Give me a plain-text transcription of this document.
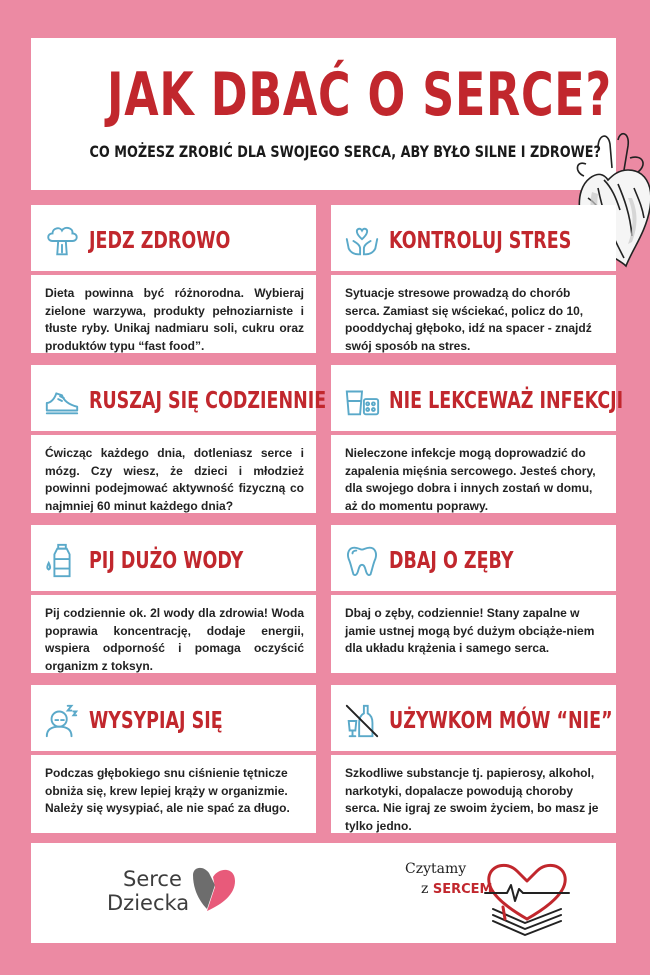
JAK DBAĆ O SERCE?
CO MOŻESZ ZROBIĆ DLA SWOJEGO SERCA, ABY BYŁO SILNE I ZDROWE?
JEDZ ZDROWO
Dieta powinna być różnorodna. Wybieraj zielone warzywa, produkty pełnoziarniste i tłuste ryby. Unikaj nadmiaru soli, cukru oraz produktów typu “fast food”.
KONTROLUJ STRES
Sytuacje stresowe prowadzą do chorób serca. Zamiast się wściekać, policz do 10, pooddychaj głęboko, idź na spacer - znajdź swój sposób na stres.
RUSZAJ SIĘ CODZIENNIE
Ćwicząc każdego dnia, dotleniasz serce i mózg. Czy wiesz, że dzieci i młodzież powinni podejmować aktywność fizyczną co najmniej 60 minut każdego dnia?
NIE LEKCEWAŻ INFEKCJI
Nieleczone infekcje mogą doprowadzić do zapalenia mięśnia sercowego. Jesteś chory, dla swojego dobra i innych zostań w domu, aż do momentu poprawy.
PIJ DUŻO WODY
Pij codziennie ok. 2l wody dla zdrowia! Woda poprawia koncentrację, dodaje energii, wspiera odporność i pomaga oczyścić organizm z toksyn.
DBAJ O ZĘBY
Dbaj o zęby, codziennie! Stany zapalne w jamie ustnej mogą być dużym obciąże-niem dla układu krążenia i samego serca.
WYSYPIAJ SIĘ
Podczas głębokiego snu ciśnienie tętnicze obniża się, krew lepiej krąży w organizmie. Należy się wysypiać, ale nie spać za długo.
UŻYWKOM MÓW “NIE”
Szkodliwe substancje tj. papierosy, alkohol, narkotyki, dopalacze powodują choroby serca. Nie igraj ze swoim życiem, bo masz je tylko jedno.
Serce
Dziecka
Czytamy
z SERCEM
